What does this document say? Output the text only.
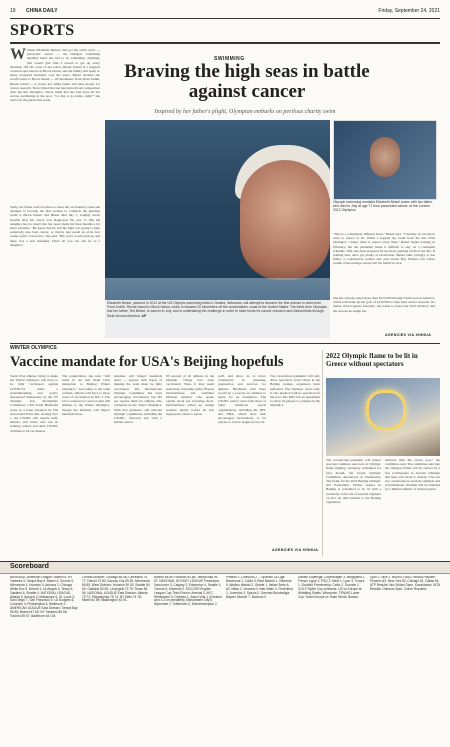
19 CHINA DAILY	Friday, September 24, 2021
SPORTS
W When Elizabeth Beisel's dad got the awful news — pancreatic cancer — the Olympic swimming medalist knew she had to do something, anything, that would give him a reason to get up every morning. Off the coast of her native Rhode Island is a magical vacation spot known as Block Island, and the family had spent so many treasured moments over the years. Beisel decided she would swim to Block Island — 20 kilometers from Point Judith, Rhode Island — to honor her ailing father and raise money for cancer research. Never mind that she had retired from competition after the Rio Olympics. Never mind that she had done all her serious swimming in the pool. "Go big or go home, right?" she said over the phone this week.
Sadly, her father won't be there to cheer her on Saturday when she attempts to become the first woman to complete the grueling swim to Block Island. Ted Beisel died July 1, roughly seven months after his cancer was diagnosed. He was 71. But his daughter has no doubt that her quest made his final months a bit more bearable. "He knew that he and his fight was going to help somebody else beat cancer, or maybe just spend an extra few weeks with a loved one," she said. "His voice would perk up and there was a new meaning. That's all you can ask for as a daughter."
SWIMMING
Braving the high seas in battle against cancer
Inspired by her father's plight, Olympian embarks on perilous charity swim
Olympic swimming medalist Elizabeth Beisel poses with her father, who died in July at age 71 from pancreatic cancer, at the London 2012 Olympics.
"This is a completely different beast," Beisel said. "I literally do not know what to expect at all. When I stopped my swim from the Rio 2016 Olympics, I knew what to expect every time." Beisel began training in February, but the pandemic made it difficult to stay on a consistent schedule. Still, she feels prepared for the most grueling swim of her life. If nothing else, she's got plenty of motivation. Beisel talks lovingly of her father, a construction worker and avid Green Bay Packers fan whose wealth of knowledge always left his family in awe.
She has already raised more than $125,000 through Swim Across America, which will make up her goal of $150,000 to help fund cancer research. No matter what happens Saturday, she wants to honor her dad's memory and the lessons he taught her.
AGENCIES VIA XINHUA
WINTER OLYMPICS
Vaccine mandate for USA's Beijing hopefuls
Team USA athletes trying to make the Winter Olympics will have to be fully vaccinated against COVID-19 under a groundbreaking new policy announced Wednesday by the US Olympic and Paralympic Committee. CEO Sarah Hirshland wrote in a letter obtained by The Associated Press that, starting Nov 1, the USOPC will require staff, athletes and others who use its training centers and other USOPC facilities to be vaccinated.
The requirement, she said, "will assist in our full Team USA delegation to Beijing Winter Olympics." According to the team website, athletes will have to show proof of vaccination by Dec 1. The US is expected to send around 240 athletes to the Winter Olympics, though the mandate will impact hundreds more.
mandate will impact hundreds more — anyone with hopes of making the team must be fully vaccinated. The International Olympic Committee has been encouraging vaccination, but did not require them for athletes who competed in the Tokyo Olympics. With that guidance, and national Olympic committees, including the USOPC, followed suit with a similar stance.
85 percent of all athletes in the Olympic village had been vaccinated. Then, it may seem American, including golfer Bryson DeChambeau and swimmer Michael Andrew, who spoke openly about not receiving shots. DeChambeau ended up testing positive shortly before he was supposed to head to Japan.
staff, and allow us to move consistency in planning, preparation and services for athletes. Hirshland said there would be a process for athletes to apply for an exemption. The USOPC policy veers from those of other American sports organizations, including the NFL and NBA, which have both encouraged vaccinations, or for players to follow league protocols.
The coronavirus pandemic will only allow spectators from China in the Beijing Games, organizers have indicated. The Olympic torch relay is also planned with no spectators in the host. The NHL has an agreement to allow its players to compete in the Olympics.
AGENCIES VIA XINHUA
2022 Olympic flame to be lit in Greece without spectators
The coronavirus pandemic will reduce spectator numbers near zero at Olympic flame lighting ceremony scheduled for next month, the Greek Olympic Committee announced on Wednesday. The flame for the 2022 Beijing Olympic and Paralympic Winter Games in Beijing is scheduled to be lit with a ceremony at the site of Ancient Olympia on Oct 18, then handed to the Beijing organizers.
duration than the recent past," the committee said. The committee said that the Olympic flame will be carried by a few torchbearers in Ancient Olympia and then will travel to Athens. The last two ceremonies in Ancient Olympia and at Panathenaic Stadium will be attended by a limited number of invited guests.
Scoreboard
BASEBALL American League: Boston 6, NY Yankees 3; Tampa Bay 6, Miami 4; Toronto 9, Minnesota 1; Houston 4, Arizona 1; Chicago White Sox 9, Detroit 3; LA Angels 6, Texas 5; Oakland 6, Seattle 4. NATIONAL LEAGUE: Atlanta 5, Arizona 2; Milwaukee 5, St. Louis 2; San Diego 7, San Francisco 5; LA Dodgers 6, Colorado 4; Philadelphia 3, Baltimore 2. AMERICAN LEAGUE East Division: Tampa Bay 95 56; Boston 87 65; NY Yankees 86 66; Toronto 85 67; Baltimore 48 104.
Central Division: Chicago 86 66; Cleveland 74 77; Detroit 73 80; Kansas City 69 83; Minnesota 68 85. West Division: Houston 90 62; Seattle 84 69; Oakland 83 69; LA Angels 73 79; Texas 56 96. NATIONAL LEAGUE East Division: Atlanta 79 72; Philadelphia 78 74; NY Mets 74 78; Miami 63 89; Washington 61 91.
Boston 88 65; Houston 84 68; Tampa Bay 95 57. NATIONAL HOCKEY LEAGUE Preseason: Vancouver 3, Calgary 2; Edmonton 4, Seattle 1; Toronto 5, Montreal 2. SOCCER English League Cup Third Round: Arsenal 3, AFC Wimbledon 0; Chelsea 1, Aston Villa 1 (Chelsea won 4-3 on penalties); Manchester City 6, Wycombe 1; Tottenham 2, Wolverhampton 2.
Preston 1, Liverpool 2 ... Spanish La Liga: Barcelona 1, Cadiz 0; Real Madrid 1, Villarreal 0; Atletico Madrid 2, Getafe 1. Italian Serie A: AC Milan 2, Venezia 0; Inter Milan 3, Fiorentina 1; Juventus 3, Spezia 2. German Bundesliga: Bayern Munich 7, Bochum 0.
Danish Superliga: Copenhagen 3, Midtjylland 1. French Ligue 1: PSG 2, Metz 1; Lyon 3, Troyes 1. Scottish Premiership: Celtic 2, Dundee 1. GOLF Ryder Cup schedule: US vs Europe at Whistling Straits, Wisconsin. TENNIS Laver Cup: Team Europe vs Team World, Boston.
Lyon 2, Nice 1. BASKETBALL WNBA Playoffs: Phoenix 83, New York 82; Chicago 81, Dallas 64. ATP Results: Nur-Sultan Open, Kazakhstan. WTA Results: Ostrava Open, Czech Republic.
Elizabeth Beisel, pictured in 2012 at the US Olympic swimming trials in Omaha, Nebraska, will attempt to become the first woman to swim from Point Judith, Rhode Island to Block Island, which is situated 20 kilometers off the southeastern coast of the United States. The three-time Olympian lost her father, Ted Beisel, to cancer in July, and is undertaking the challenge in order to raise funds for cancer research and clinical trials through Swim Across America. AP
